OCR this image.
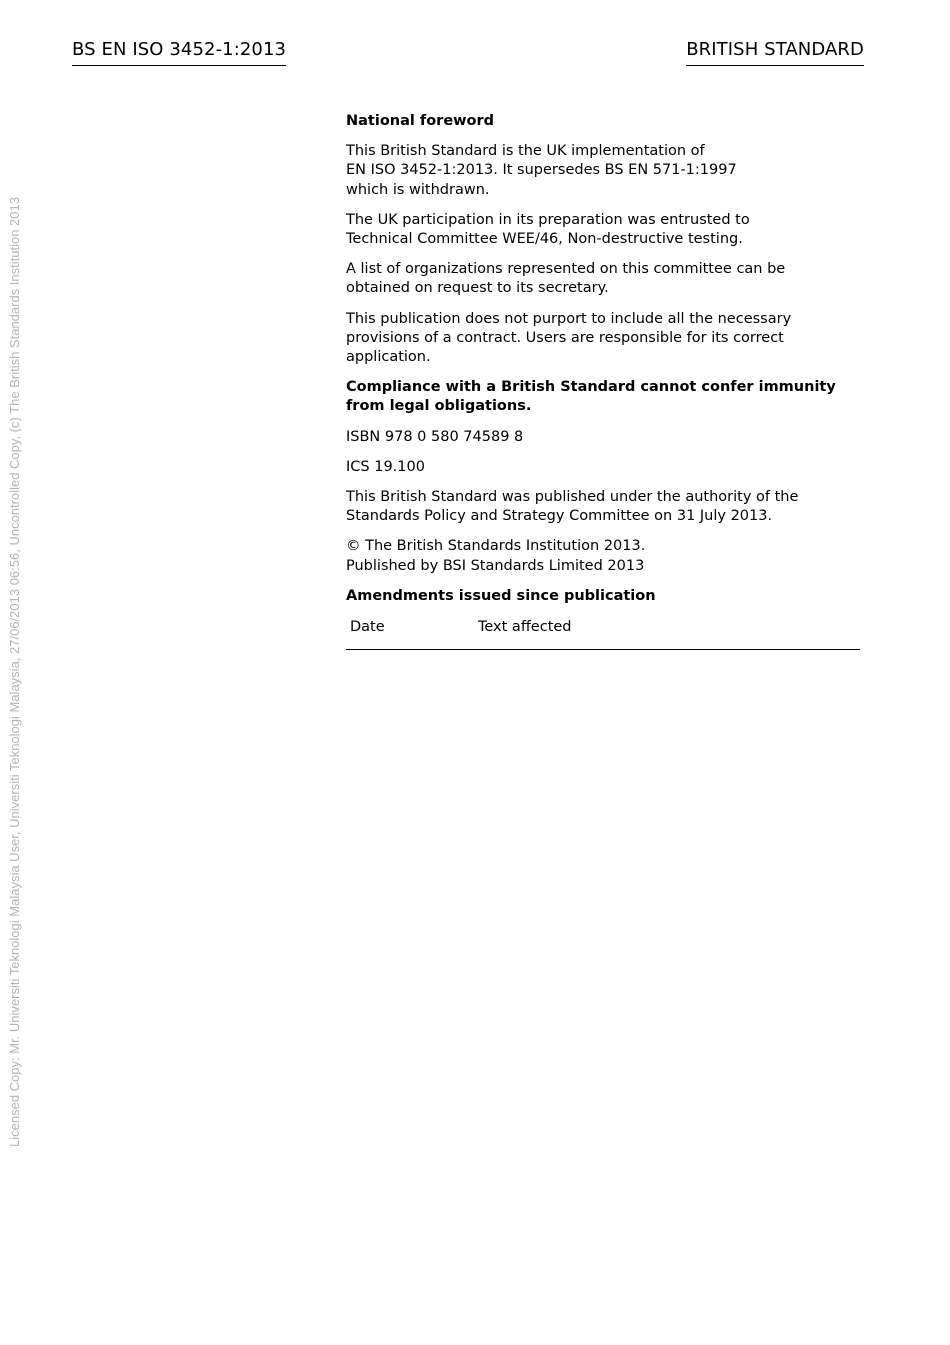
BS EN ISO 3452-1:2013	BRITISH STANDARD
Licensed Copy: Mr. Universiti Teknologi Malaysia User, Universiti Teknologi Malaysia, 27/06/2013 06:56, Uncontrolled Copy, (c) The British Standards Institution 2013

National foreword

This British Standard is the UK implementation of
EN ISO 3452-1:2013. It supersedes BS EN 571-1:1997
which is withdrawn.

The UK participation in its preparation was entrusted to
Technical Committee WEE/46, Non-destructive testing.

A list of organizations represented on this committee can be
obtained on request to its secretary.

This publication does not purport to include all the necessary
provisions of a contract. Users are responsible for its correct
application.

Compliance with a British Standard cannot confer immunity
from legal obligations.

ISBN 978 0 580 74589 8

ICS 19.100

This British Standard was published under the authority of the
Standards Policy and Strategy Committee on 31 July 2013.

© The British Standards Institution 2013.
Published by BSI Standards Limited 2013

Amendments issued since publication

Date	Text affected
